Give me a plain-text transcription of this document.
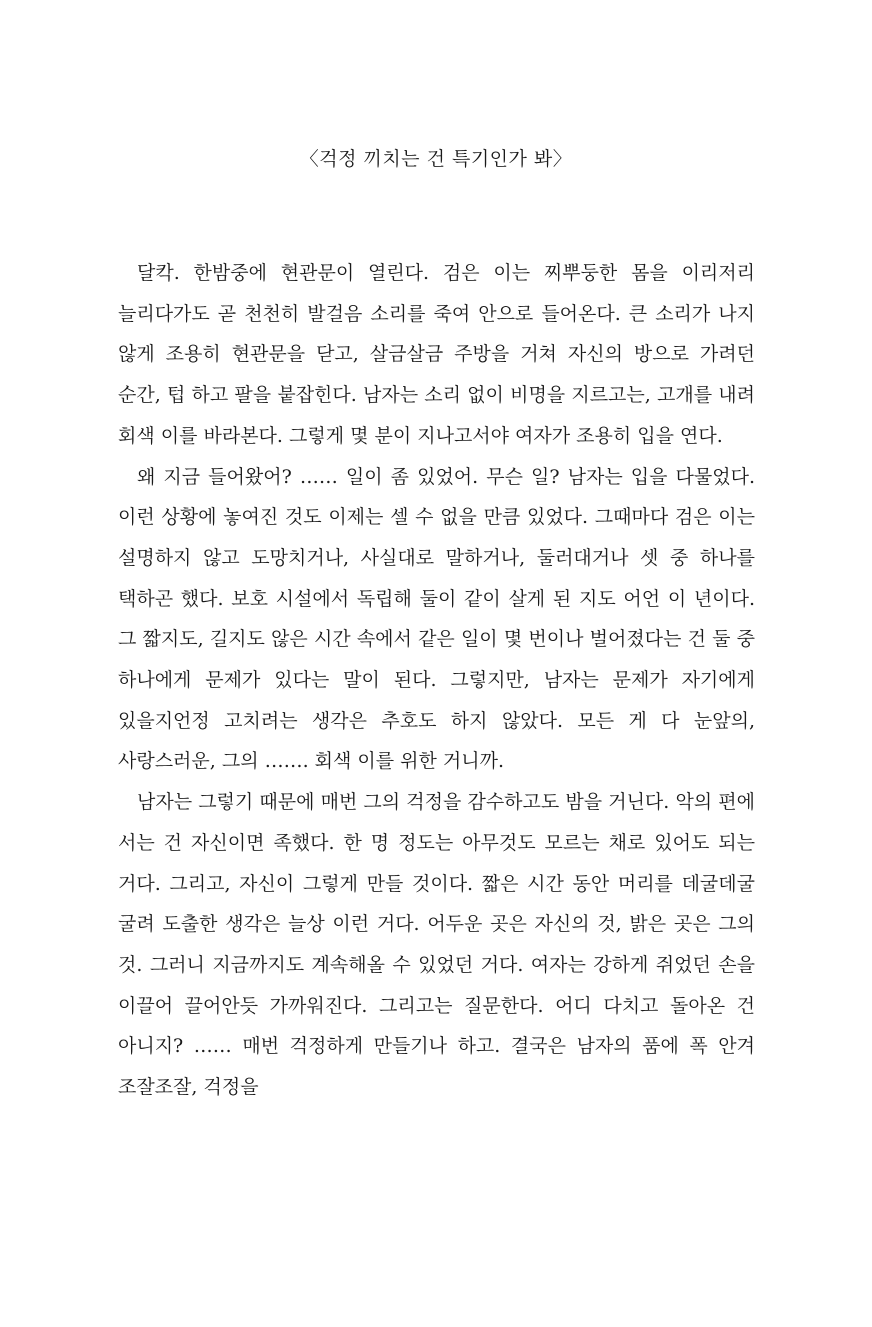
〈걱정 끼치는 건 특기인가 봐〉

달칵. 한밤중에 현관문이 열린다. 검은 이는 찌뿌둥한 몸을 이리저리 늘리다가도 곧 천천히 발걸음 소리를 죽여 안으로 들어온다. 큰 소리가 나지 않게 조용히 현관문을 닫고, 살금살금 주방을 거쳐 자신의 방으로 가려던 순간, 텁 하고 팔을 붙잡힌다. 남자는 소리 없이 비명을 지르고는, 고개를 내려 회색 이를 바라본다. 그렇게 몇 분이 지나고서야 여자가 조용히 입을 연다.

왜 지금 들어왔어? …… 일이 좀 있었어. 무슨 일? 남자는 입을 다물었다. 이런 상황에 놓여진 것도 이제는 셀 수 없을 만큼 있었다. 그때마다 검은 이는 설명하지 않고 도망치거나, 사실대로 말하거나, 둘러대거나 셋 중 하나를 택하곤 했다. 보호 시설에서 독립해 둘이 같이 살게 된 지도 어언 이 년이다. 그 짧지도, 길지도 않은 시간 속에서 같은 일이 몇 번이나 벌어졌다는 건 둘 중 하나에게 문제가 있다는 말이 된다. 그렇지만, 남자는 문제가 자기에게 있을지언정 고치려는 생각은 추호도 하지 않았다. 모든 게 다 눈앞의, 사랑스러운, 그의 ……. 회색 이를 위한 거니까.

남자는 그렇기 때문에 매번 그의 걱정을 감수하고도 밤을 거닌다. 악의 편에 서는 건 자신이면 족했다. 한 명 정도는 아무것도 모르는 채로 있어도 되는 거다. 그리고, 자신이 그렇게 만들 것이다. 짧은 시간 동안 머리를 데굴데굴 굴려 도출한 생각은 늘상 이런 거다. 어두운 곳은 자신의 것, 밝은 곳은 그의 것. 그러니 지금까지도 계속해올 수 있었던 거다. 여자는 강하게 쥐었던 손을 이끌어 끌어안듯 가까워진다. 그리고는 질문한다. 어디 다치고 돌아온 건 아니지? …… 매번 걱정하게 만들기나 하고. 결국은 남자의 품에 폭 안겨 조잘조잘, 걱정을
